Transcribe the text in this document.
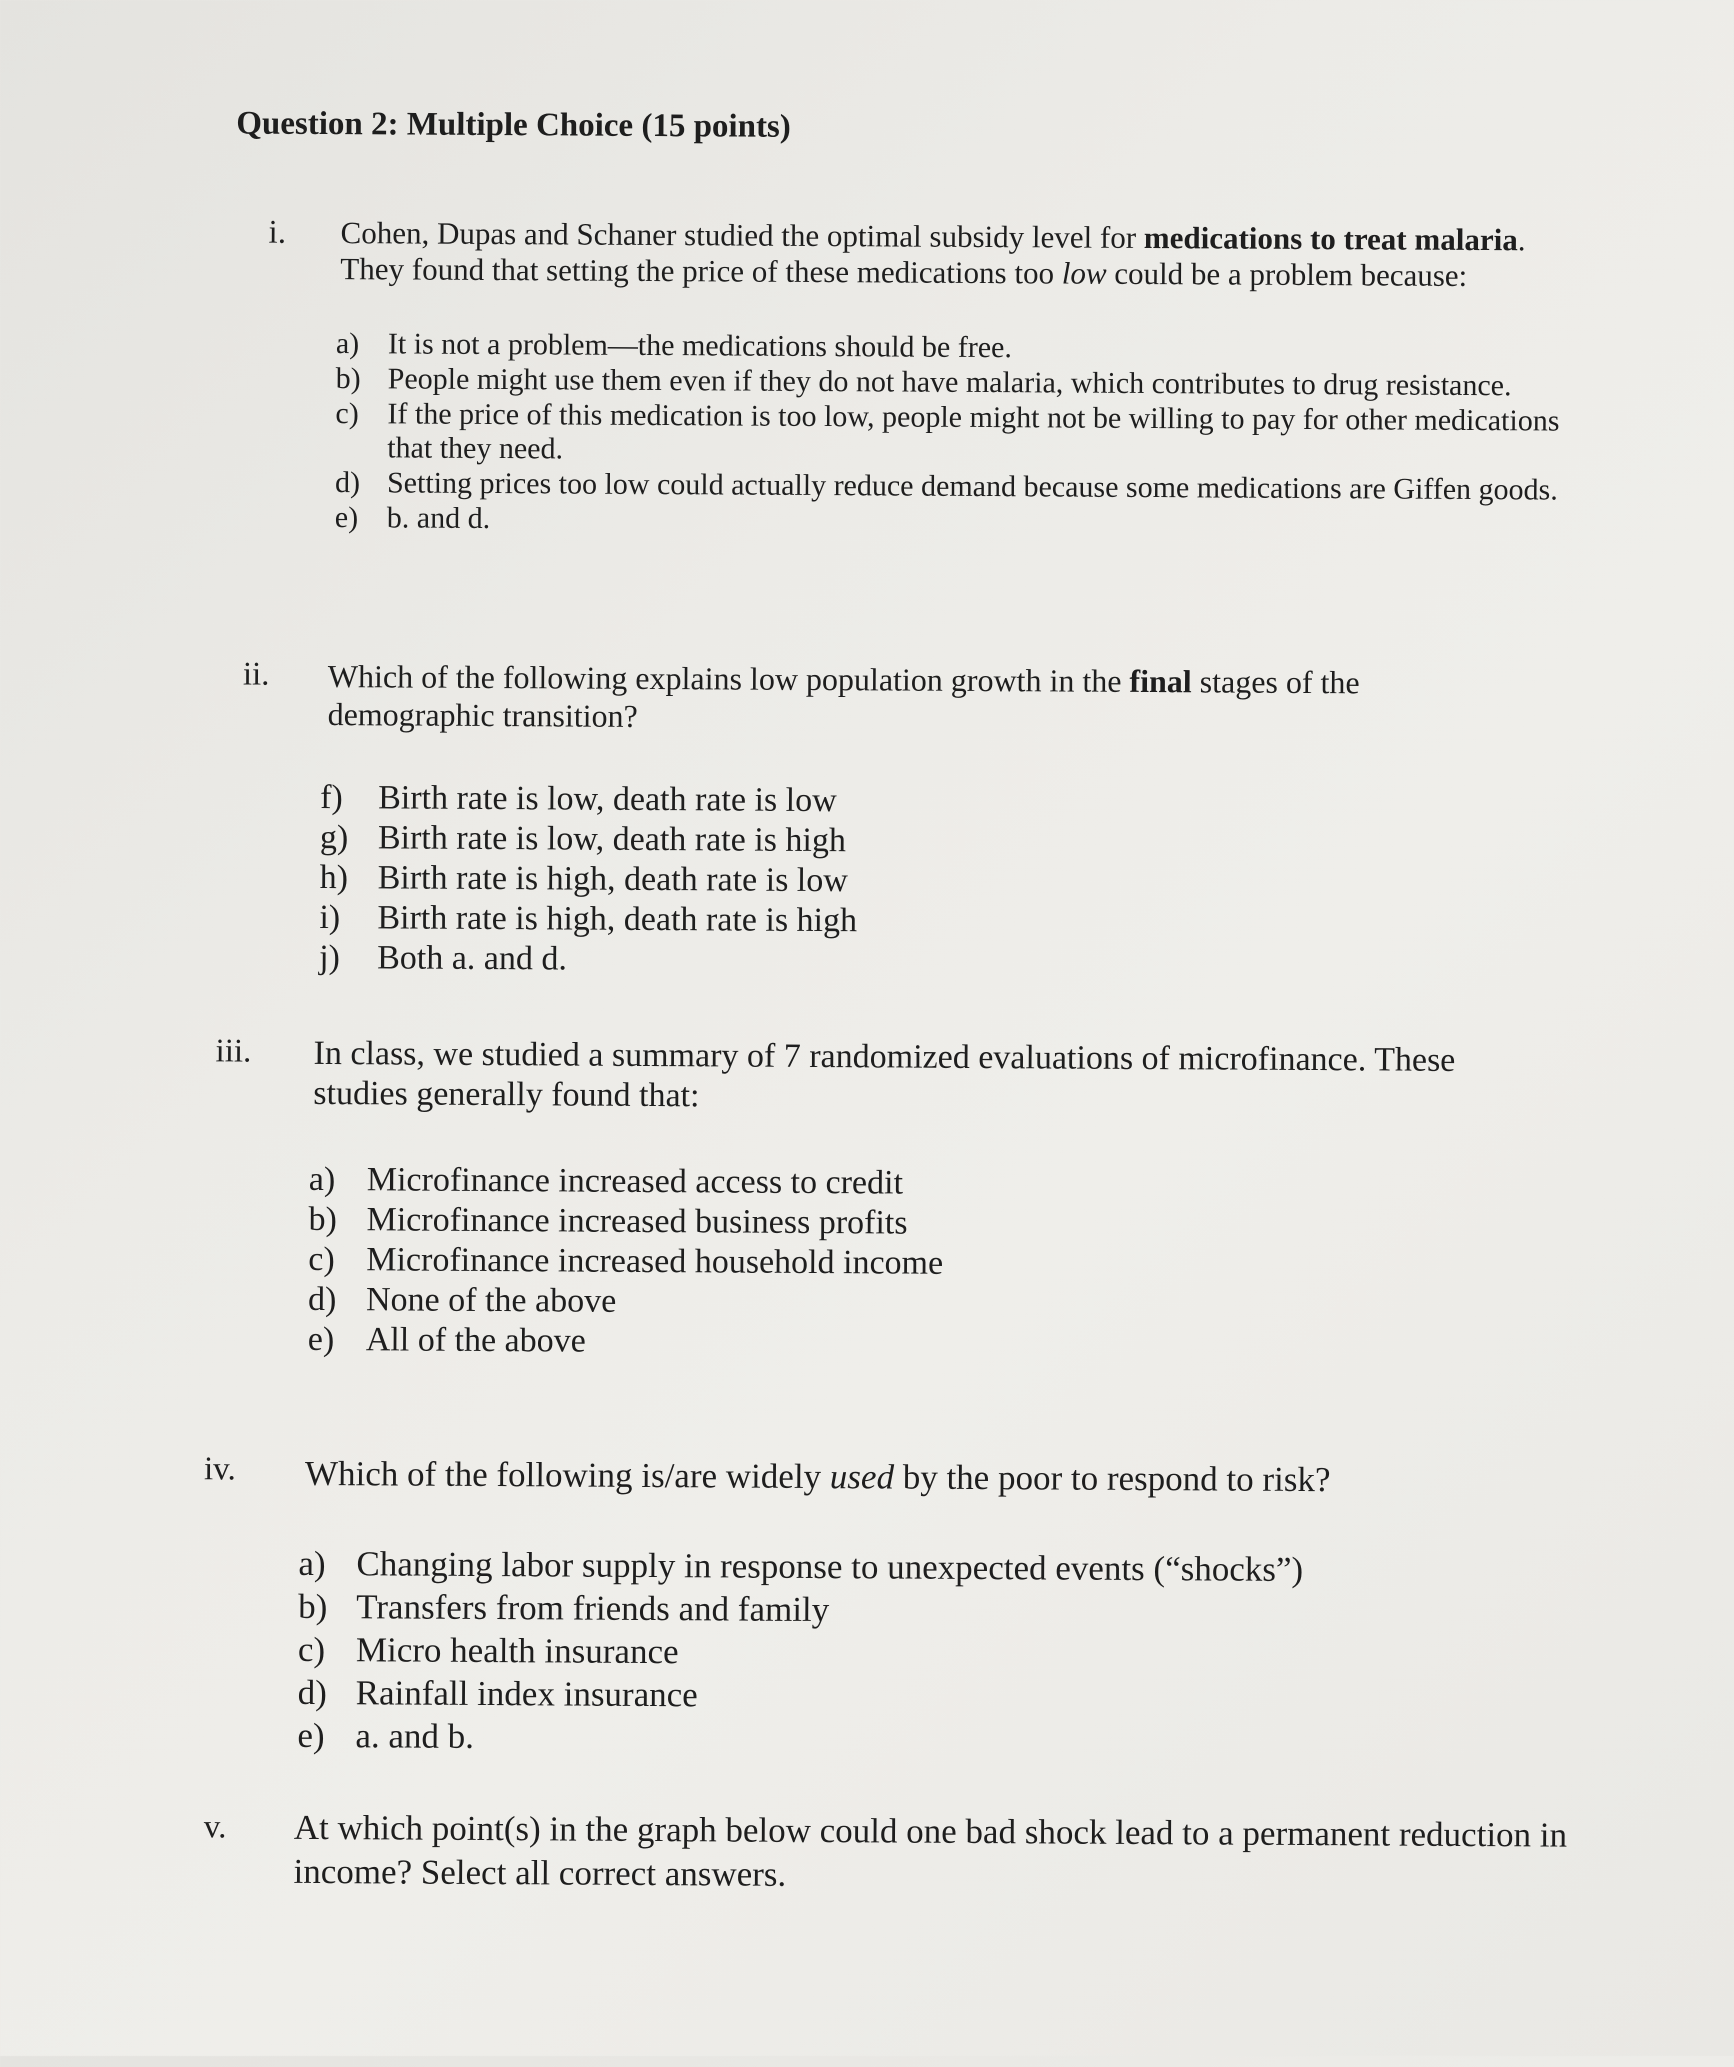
Question 2: Multiple Choice (15 points)
i. Cohen, Dupas and Schaner studied the optimal subsidy level for medications to treat malaria. They found that setting the price of these medications too low could be a problem because:
a) It is not a problem—the medications should be free.
b) People might use them even if they do not have malaria, which contributes to drug resistance.
c) If the price of this medication is too low, people might not be willing to pay for other medications that they need.
d) Setting prices too low could actually reduce demand because some medications are Giffen goods.
e) b. and d.
ii. Which of the following explains low population growth in the final stages of the demographic transition?
f)	Birth rate is low, death rate is low
g) Birth rate is low, death rate is high
h) Birth rate is high, death rate is low
i)	Birth rate is high, death rate is high
j)	Both a. and d.
iii. In class, we studied a summary of 7 randomized evaluations of microfinance. These studies generally found that:
a) Microfinance increased access to credit
b) Microfinance increased business profits
c) Microfinance increased household income
d) None of the above
e) All of the above
iv. Which of the following is/are widely used by the poor to respond to risk?
a) Changing labor supply in response to unexpected events (“shocks”)
b) Transfers from friends and family
c) Micro health insurance
d) Rainfall index insurance
e) a. and b.
v. At which point(s) in the graph below could one bad shock lead to a permanent reduction in income? Select all correct answers.
